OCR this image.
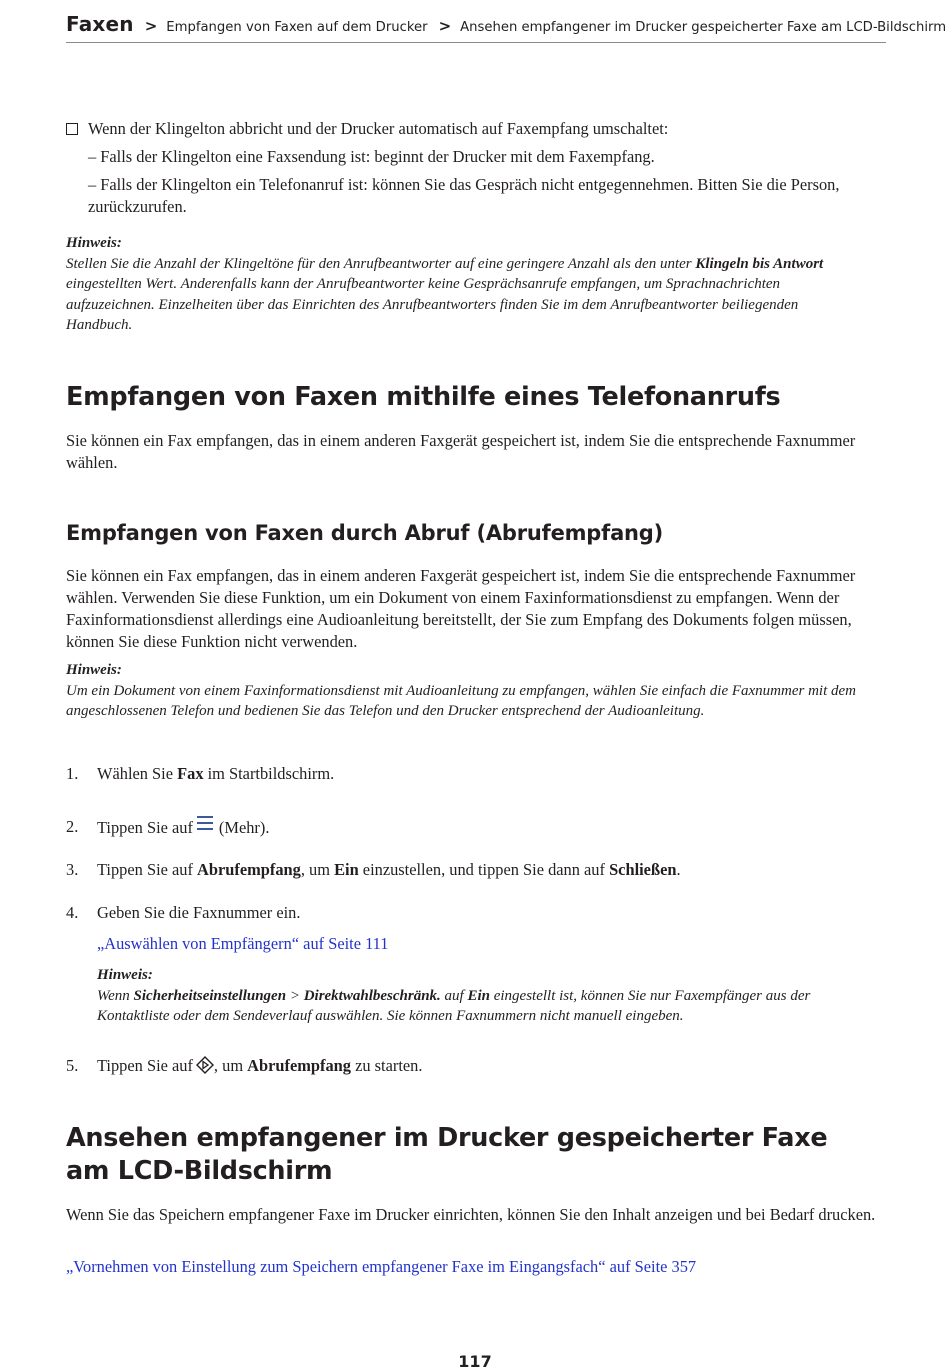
Faxen > Empfangen von Faxen auf dem Drucker > Ansehen empfangener im Drucker gespeicherter Faxe am LCD-Bildschirm

Wenn der Klingelton abbricht und der Drucker automatisch auf Faxempfang umschaltet:

– Falls der Klingelton eine Faxsendung ist: beginnt der Drucker mit dem Faxempfang.

– Falls der Klingelton ein Telefonanruf ist: können Sie das Gespräch nicht entgegennehmen. Bitten Sie die Person, zurückzurufen.

Hinweis:
Stellen Sie die Anzahl der Klingeltöne für den Anrufbeantworter auf eine geringere Anzahl als den unter Klingeln bis Antwort eingestellten Wert. Anderenfalls kann der Anrufbeantworter keine Gesprächsanrufe empfangen, um Sprachnachrichten aufzuzeichnen. Einzelheiten über das Einrichten des Anrufbeantworters finden Sie im dem Anrufbeantworter beiliegenden Handbuch.
Empfangen von Faxen mithilfe eines Telefonanrufs

Sie können ein Fax empfangen, das in einem anderen Faxgerät gespeichert ist, indem Sie die entsprechende Faxnummer wählen.

Empfangen von Faxen durch Abruf (Abrufempfang)

Sie können ein Fax empfangen, das in einem anderen Faxgerät gespeichert ist, indem Sie die entsprechende Faxnummer wählen. Verwenden Sie diese Funktion, um ein Dokument von einem Faxinformationsdienst zu empfangen. Wenn der Faxinformationsdienst allerdings eine Audioanleitung bereitstellt, der Sie zum Empfang des Dokuments folgen müssen, können Sie diese Funktion nicht verwenden.

Hinweis:
Um ein Dokument von einem Faxinformationsdienst mit Audioanleitung zu empfangen, wählen Sie einfach die Faxnummer mit dem angeschlossenen Telefon und bedienen Sie das Telefon und den Drucker entsprechend der Audioanleitung.
1. Wählen Sie Fax im Startbildschirm.
2. Tippen Sie auf (Mehr).
3. Tippen Sie auf Abrufempfang, um Ein einzustellen, und tippen Sie dann auf Schließen.
4. Geben Sie die Faxnummer ein.
„Auswählen von Empfängern“ auf Seite 111
Hinweis:
Wenn Sicherheitseinstellungen > Direktwahlbeschränk. auf Ein eingestellt ist, können Sie nur Faxempfänger aus der Kontaktliste oder dem Sendeverlauf auswählen. Sie können Faxnummern nicht manuell eingeben.
5. Tippen Sie auf , um Abrufempfang zu starten.
Ansehen empfangener im Drucker gespeicherter Faxe am LCD-Bildschirm

Wenn Sie das Speichern empfangener Faxe im Drucker einrichten, können Sie den Inhalt anzeigen und bei Bedarf drucken.

„Vornehmen von Einstellung zum Speichern empfangener Faxe im Eingangsfach“ auf Seite 357
117
